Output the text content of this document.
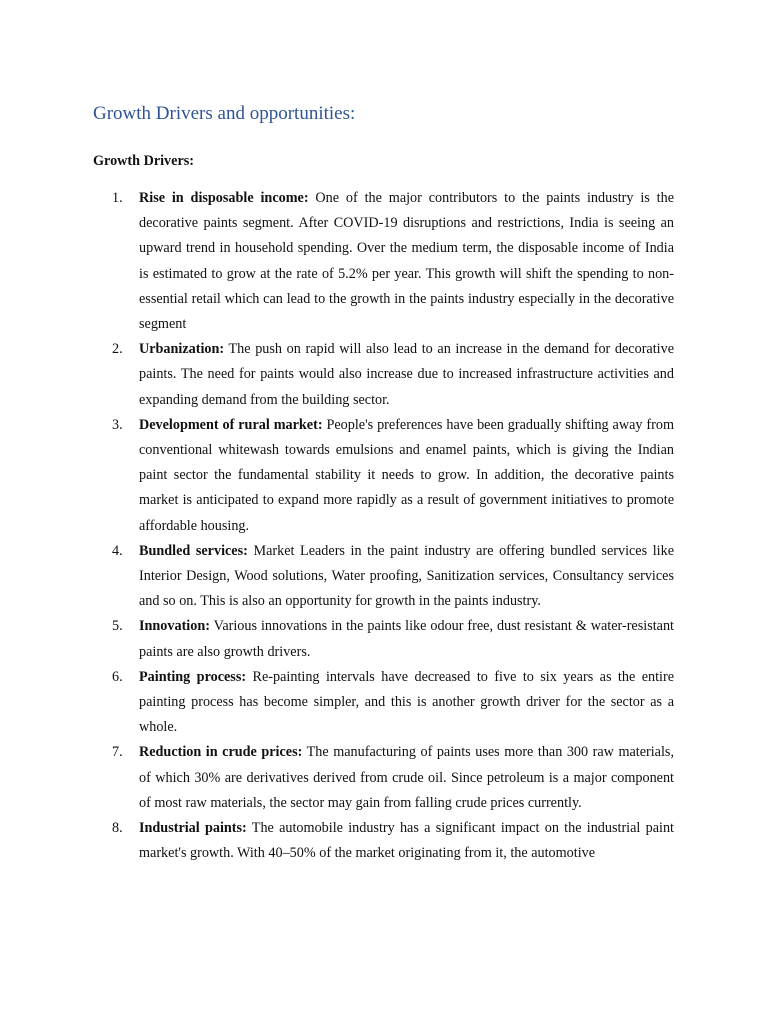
Growth Drivers and opportunities:
Growth Drivers:
1. Rise in disposable income: One of the major contributors to the paints industry is the decorative paints segment. After COVID-19 disruptions and restrictions, India is seeing an upward trend in household spending. Over the medium term, the disposable income of India is estimated to grow at the rate of 5.2% per year. This growth will shift the spending to non-essential retail which can lead to the growth in the paints industry especially in the decorative segment
2. Urbanization: The push on rapid will also lead to an increase in the demand for decorative paints. The need for paints would also increase due to increased infrastructure activities and expanding demand from the building sector.
3. Development of rural market: People's preferences have been gradually shifting away from conventional whitewash towards emulsions and enamel paints, which is giving the Indian paint sector the fundamental stability it needs to grow. In addition, the decorative paints market is anticipated to expand more rapidly as a result of government initiatives to promote affordable housing.
4. Bundled services: Market Leaders in the paint industry are offering bundled services like Interior Design, Wood solutions, Water proofing, Sanitization services, Consultancy services and so on. This is also an opportunity for growth in the paints industry.
5. Innovation: Various innovations in the paints like odour free, dust resistant & water-resistant paints are also growth drivers.
6. Painting process: Re-painting intervals have decreased to five to six years as the entire painting process has become simpler, and this is another growth driver for the sector as a whole.
7. Reduction in crude prices: The manufacturing of paints uses more than 300 raw materials, of which 30% are derivatives derived from crude oil. Since petroleum is a major component of most raw materials, the sector may gain from falling crude prices currently.
8. Industrial paints: The automobile industry has a significant impact on the industrial paint market's growth. With 40–50% of the market originating from it, the automotive
